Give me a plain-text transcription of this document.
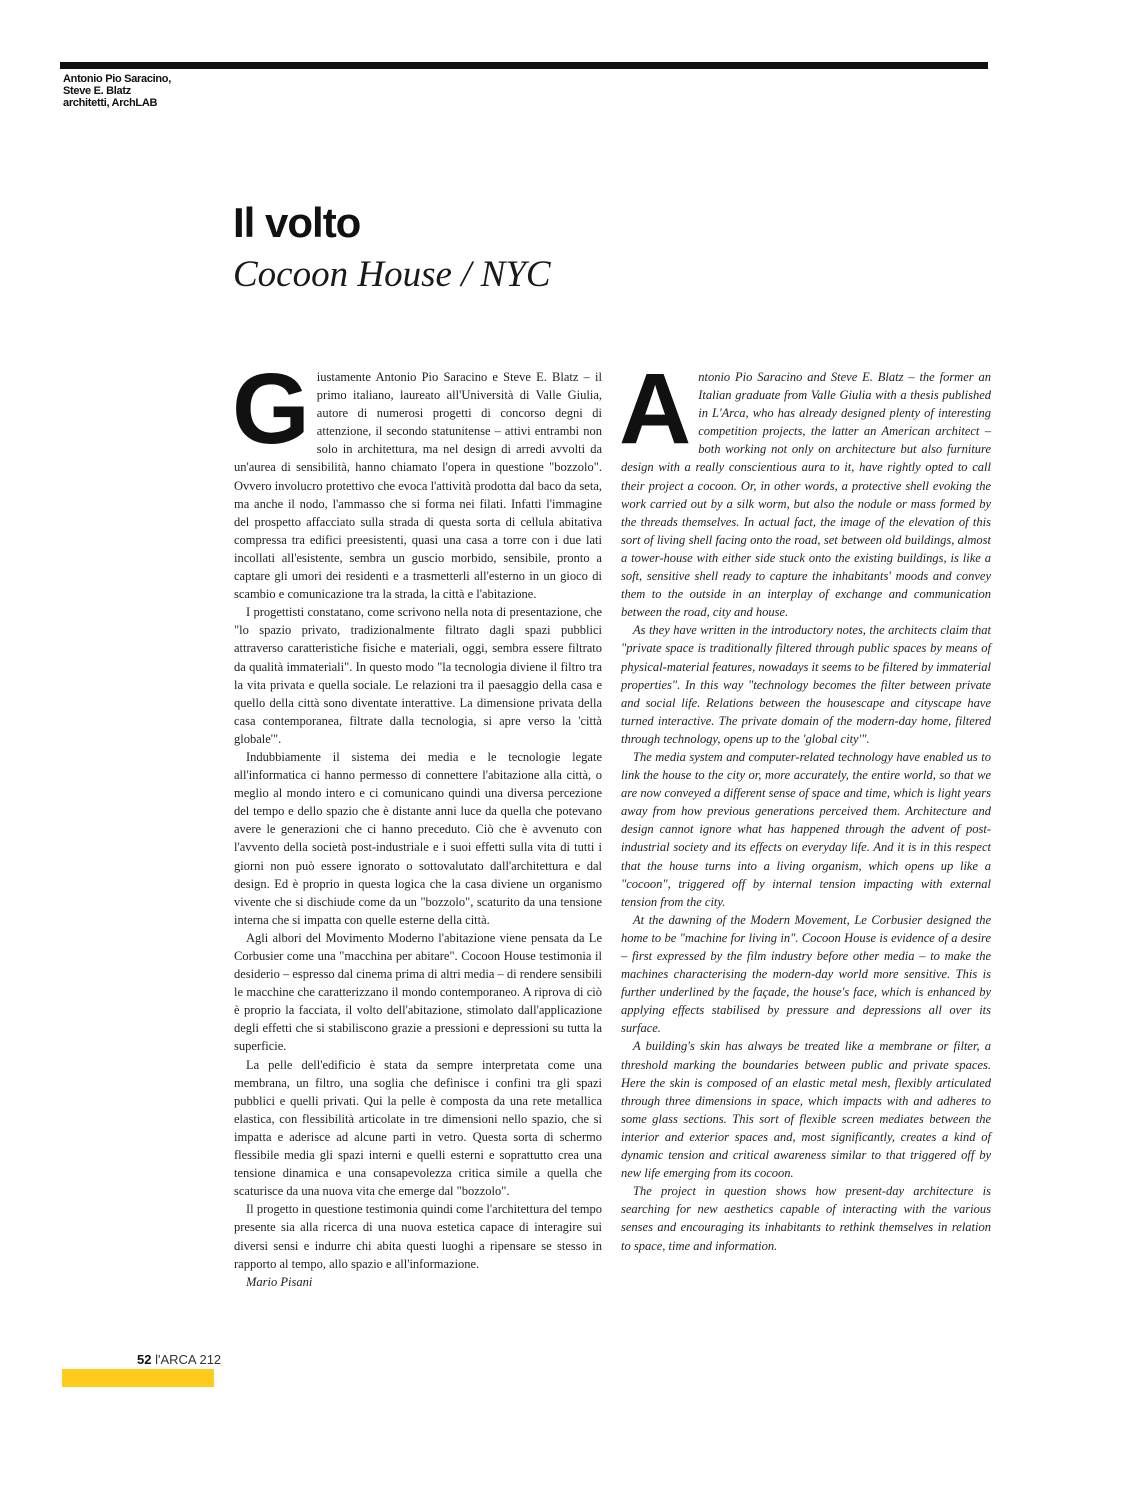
Antonio Pio Saracino,
Steve E. Blatz
architetti, ArchLAB
Il volto
Cocoon House / NYC

Giustamente Antonio Pio Saracino e Steve E. Blatz – il primo italiano, laureato all'Università di Valle Giulia, autore di numerosi progetti di concorso degni di attenzione, il secondo statunitense – attivi entrambi non solo in architettura, ma nel design di arredi avvolti da un'aurea di sensibilità, hanno chiamato l'opera in questione "bozzolo". Ovvero involucro protettivo che evoca l'attività prodotta dal baco da seta, ma anche il nodo, l'ammasso che si forma nei filati. Infatti l'immagine del prospetto affacciato sulla strada di questa sorta di cellula abitativa compressa tra edifici preesistenti, quasi una casa a torre con i due lati incollati all'esistente, sembra un guscio morbido, sensibile, pronto a captare gli umori dei residenti e a trasmetterli all'esterno in un gioco di scambio e comunicazione tra la strada, la città e l'abitazione.

I progettisti constatano, come scrivono nella nota di presentazione, che "lo spazio privato, tradizionalmente filtrato dagli spazi pubblici attraverso caratteristiche fisiche e materiali, oggi, sembra essere filtrato da qualità immateriali". In questo modo "la tecnologia diviene il filtro tra la vita privata e quella sociale. Le relazioni tra il paesaggio della casa e quello della città sono diventate interattive. La dimensione privata della casa contemporanea, filtrate dalla tecnologia, si apre verso la 'città globale'".

Indubbiamente il sistema dei media e le tecnologie legate all'informatica ci hanno permesso di connettere l'abitazione alla città, o meglio al mondo intero e ci comunicano quindi una diversa percezione del tempo e dello spazio che è distante anni luce da quella che potevano avere le generazioni che ci hanno preceduto. Ciò che è avvenuto con l'avvento della società post-industriale e i suoi effetti sulla vita di tutti i giorni non può essere ignorato o sottovalutato dall'architettura e dal design. Ed è proprio in questa logica che la casa diviene un organismo vivente che si dischiude come da un "bozzolo", scaturito da una tensione interna che si impatta con quelle esterne della città.

Agli albori del Movimento Moderno l'abitazione viene pensata da Le Corbusier come una "macchina per abitare". Cocoon House testimonia il desiderio – espresso dal cinema prima di altri media – di rendere sensibili le macchine che caratterizzano il mondo contemporaneo. A riprova di ciò è proprio la facciata, il volto dell'abitazione, stimolato dall'applicazione degli effetti che si stabiliscono grazie a pressioni e depressioni su tutta la superficie.

La pelle dell'edificio è stata da sempre interpretata come una membrana, un filtro, una soglia che definisce i confini tra gli spazi pubblici e quelli privati. Qui la pelle è composta da una rete metallica elastica, con flessibilità articolate in tre dimensioni nello spazio, che si impatta e aderisce ad alcune parti in vetro. Questa sorta di schermo flessibile media gli spazi interni e quelli esterni e soprattutto crea una tensione dinamica e una consapevolezza critica simile a quella che scaturisce da una nuova vita che emerge dal "bozzolo".

Il progetto in questione testimonia quindi come l'architettura del tempo presente sia alla ricerca di una nuova estetica capace di interagire sui diversi sensi e indurre chi abita questi luoghi a ripensare se stesso in rapporto al tempo, allo spazio e all'informazione.

Mario Pisani

Antonio Pio Saracino and Steve E. Blatz – the former an Italian graduate from Valle Giulia with a thesis published in L'Arca, who has already designed plenty of interesting competition projects, the latter an American architect – both working not only on architecture but also furniture design with a really conscientious aura to it, have rightly opted to call their project a cocoon. Or, in other words, a protective shell evoking the work carried out by a silk worm, but also the nodule or mass formed by the threads themselves. In actual fact, the image of the elevation of this sort of living shell facing onto the road, set between old buildings, almost a tower-house with either side stuck onto the existing buildings, is like a soft, sensitive shell ready to capture the inhabitants' moods and convey them to the outside in an interplay of exchange and communication between the road, city and house.

As they have written in the introductory notes, the architects claim that "private space is traditionally filtered through public spaces by means of physical-material features, nowadays it seems to be filtered by immaterial properties". In this way "technology becomes the filter between private and social life. Relations between the housescape and cityscape have turned interactive. The private domain of the modern-day home, filtered through technology, opens up to the 'global city'".

The media system and computer-related technology have enabled us to link the house to the city or, more accurately, the entire world, so that we are now conveyed a different sense of space and time, which is light years away from how previous generations perceived them. Architecture and design cannot ignore what has happened through the advent of post-industrial society and its effects on everyday life. And it is in this respect that the house turns into a living organism, which opens up like a "cocoon", triggered off by internal tension impacting with external tension from the city.

At the dawning of the Modern Movement, Le Corbusier designed the home to be "machine for living in". Cocoon House is evidence of a desire – first expressed by the film industry before other media – to make the machines characterising the modern-day world more sensitive. This is further underlined by the façade, the house's face, which is enhanced by applying effects stabilised by pressure and depressions all over its surface.

A building's skin has always be treated like a membrane or filter, a threshold marking the boundaries between public and private spaces. Here the skin is composed of an elastic metal mesh, flexibly articulated through three dimensions in space, which impacts with and adheres to some glass sections. This sort of flexible screen mediates between the interior and exterior spaces and, most significantly, creates a kind of dynamic tension and critical awareness similar to that triggered off by new life emerging from its cocoon.

The project in question shows how present-day architecture is searching for new aesthetics capable of interacting with the various senses and encouraging its inhabitants to rethink themselves in relation to space, time and information.

52 l'ARCA 212
